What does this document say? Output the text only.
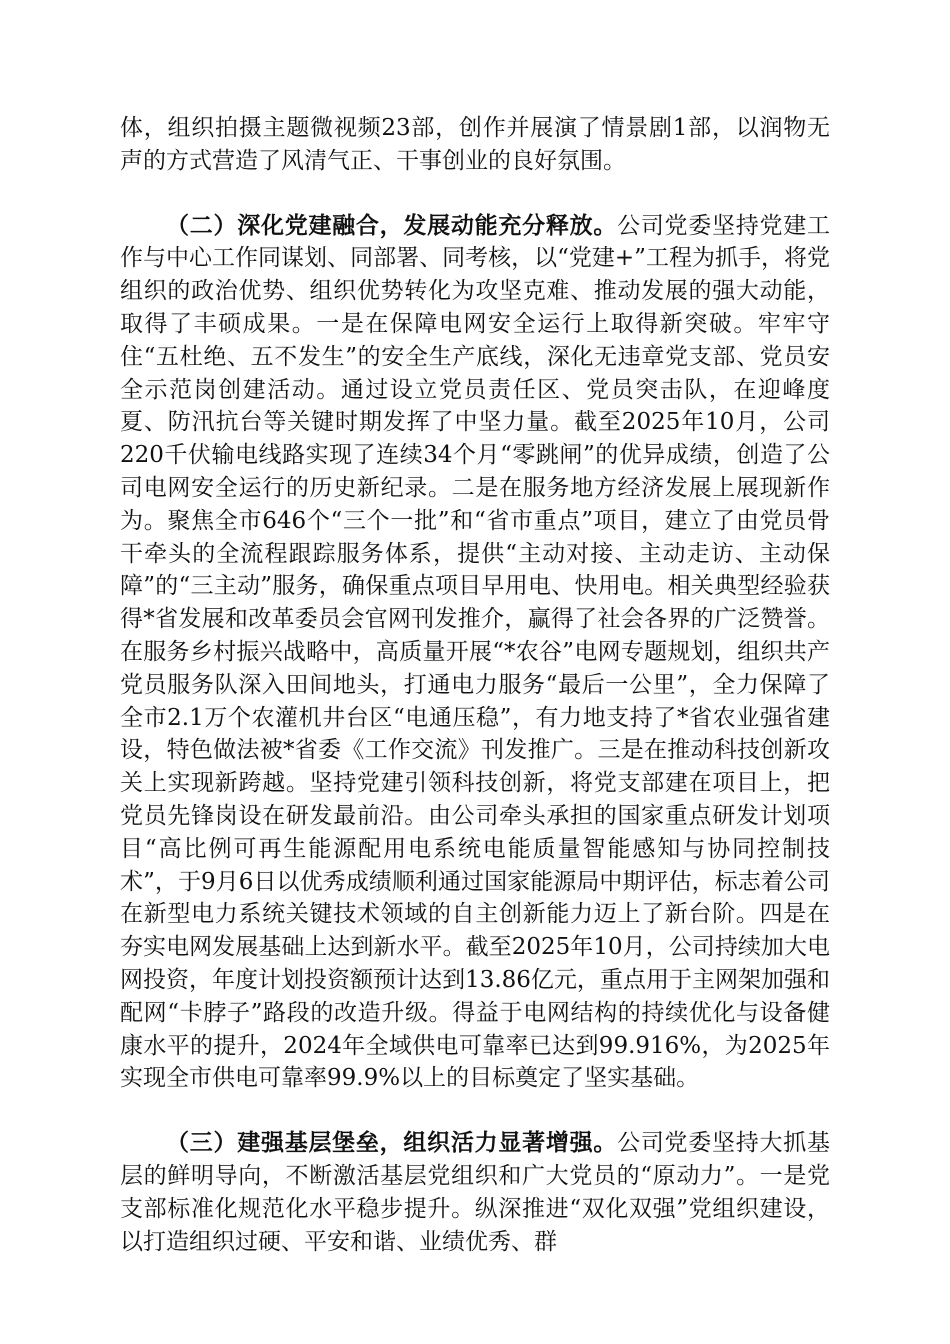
体，组织拍摄主题微视频23部，创作并展演了情景剧1部，以润物无声的方式营造了风清气正、干事创业的良好氛围。

（二）深化党建融合，发展动能充分释放。公司党委坚持党建工作与中心工作同谋划、同部署、同考核，以“党建+”工程为抓手，将党组织的政治优势、组织优势转化为攻坚克难、推动发展的强大动能，取得了丰硕成果。一是在保障电网安全运行上取得新突破。牢牢守住“五杜绝、五不发生”的安全生产底线，深化无违章党支部、党员安全示范岗创建活动。通过设立党员责任区、党员突击队，在迎峰度夏、防汛抗台等关键时期发挥了中坚力量。截至2025年10月，公司220千伏输电线路实现了连续34个月“零跳闸”的优异成绩，创造了公司电网安全运行的历史新纪录。二是在服务地方经济发展上展现新作为。聚焦全市646个“三个一批”和“省市重点”项目，建立了由党员骨干牵头的全流程跟踪服务体系，提供“主动对接、主动走访、主动保障”的“三主动”服务，确保重点项目早用电、快用电。相关典型经验获得*省发展和改革委员会官网刊发推介，赢得了社会各界的广泛赞誉。在服务乡村振兴战略中，高质量开展“*农谷”电网专题规划，组织共产党员服务队深入田间地头，打通电力服务“最后一公里”，全力保障了全市2.1万个农灌机井台区“电通压稳”，有力地支持了*省农业强省建设，特色做法被*省委《工作交流》刊发推广。三是在推动科技创新攻关上实现新跨越。坚持党建引领科技创新，将党支部建在项目上，把党员先锋岗设在研发最前沿。由公司牵头承担的国家重点研发计划项目“高比例可再生能源配用电系统电能质量智能感知与协同控制技术”，于9月6日以优秀成绩顺利通过国家能源局中期评估，标志着公司在新型电力系统关键技术领域的自主创新能力迈上了新台阶。四是在夯实电网发展基础上达到新水平。截至2025年10月，公司持续加大电网投资，年度计划投资额预计达到13.86亿元，重点用于主网架加强和配网“卡脖子”路段的改造升级。得益于电网结构的持续优化与设备健康水平的提升，2024年全域供电可靠率已达到99.916%，为2025年实现全市供电可靠率99.9%以上的目标奠定了坚实基础。

（三）建强基层堡垒，组织活力显著增强。公司党委坚持大抓基层的鲜明导向，不断激活基层党组织和广大党员的“原动力”。一是党支部标准化规范化水平稳步提升。纵深推进“双化双强”党组织建设，以打造组织过硬、平安和谐、业绩优秀、群
